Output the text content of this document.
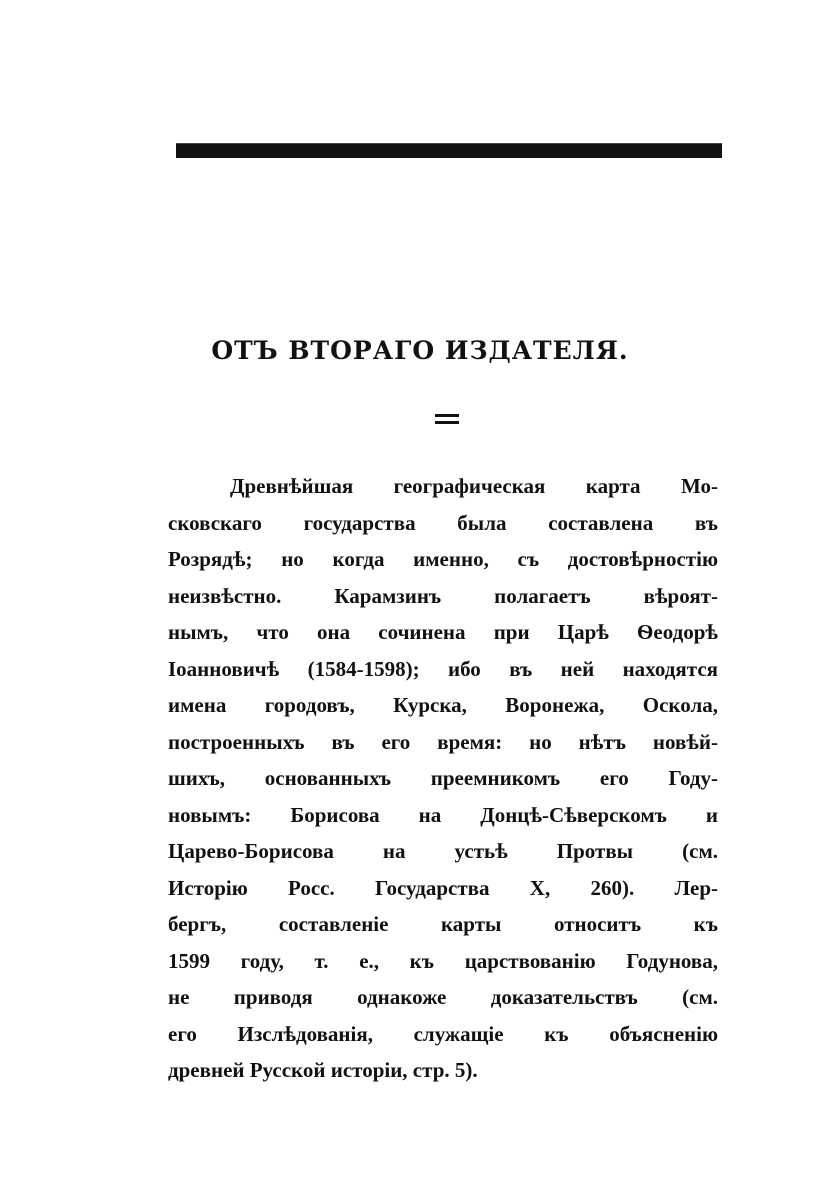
ОТЪ ВТОРАГО ИЗДАТЕЛЯ.
Древнѣйшая географическая карта Мо-
сковскаго государства была составлена въ
Розрядѣ; но когда именно, съ достовѣрностію
неизвѣстно. Карамзинъ полагаетъ вѣроят-
нымъ, что она сочинена при Царѣ Ѳеодорѣ
Іоанновичѣ (1584-1598); ибо въ ней находятся
имена городовъ, Курска, Воронежа, Оскола,
построенныхъ въ его время: но нѣтъ новѣй-
шихъ, основанныхъ преемникомъ его Году-
новымъ: Борисова на Донцѣ-Сѣверскомъ и
Царево-Борисова на устьѣ Протвы (см.
Исторію Росс. Государства X, 260). Лер-
бергъ, составленіе карты относитъ къ
1599 году, т. е., къ царствованію Годунова,
не приводя однакоже доказательствъ (см.
его Изслѣдованія, служащіе къ объясненію
древней Русской исторіи, стр. 5).
